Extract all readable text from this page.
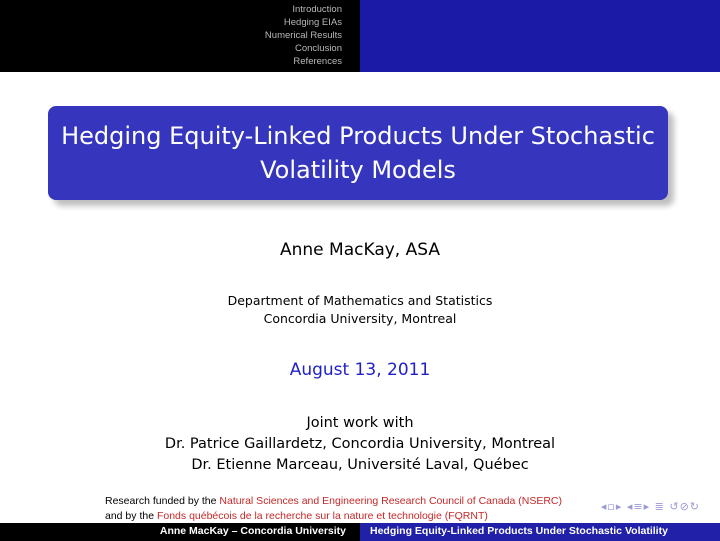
Introduction
Hedging EIAs
Numerical Results
Conclusion
References
Hedging Equity-Linked Products Under Stochastic Volatility Models
Anne MacKay, ASA
Department of Mathematics and Statistics
Concordia University, Montreal
August 13, 2011
Joint work with
Dr. Patrice Gaillardetz, Concordia University, Montreal
Dr. Etienne Marceau, Université Laval, Québec
Research funded by the Natural Sciences and Engineering Research Council of Canada (NSERC)
and by the Fonds québécois de la recherche sur la nature et technologie (FQRNT)
◂▫▸ ◂≡▸ ≣ ↺⊘↻
Anne MacKay – Concordia University Hedging Equity-Linked Products Under Stochastic Volatility
